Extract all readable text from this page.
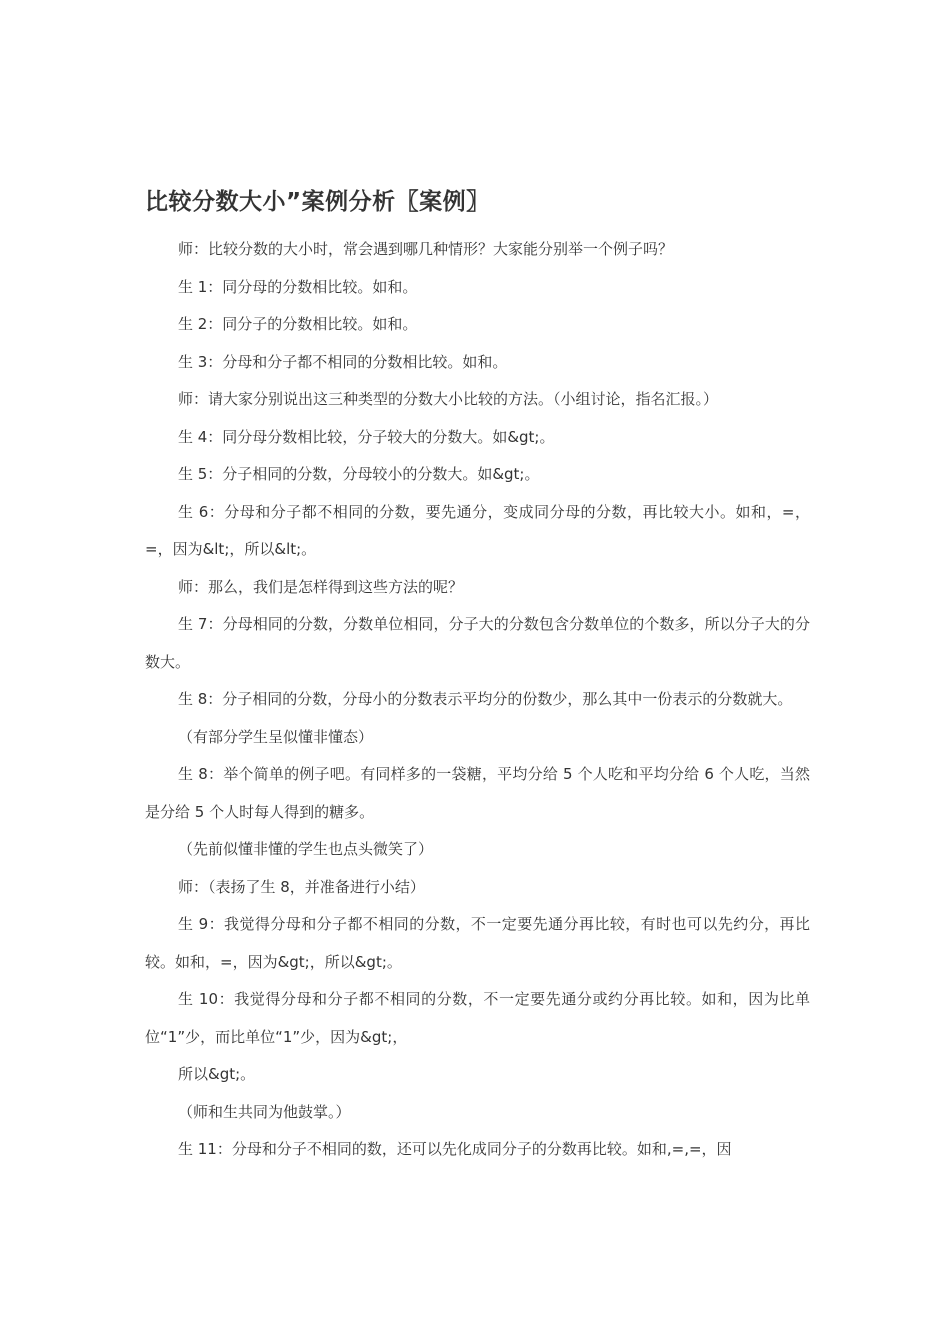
比较分数大小”案例分析〖案例〗

师：比较分数的大小时，常会遇到哪几种情形？大家能分别举一个例子吗？

生 1：同分母的分数相比较。如和。

生 2：同分子的分数相比较。如和。

生 3：分母和分子都不相同的分数相比较。如和。

师：请大家分别说出这三种类型的分数大小比较的方法。（小组讨论，指名汇报。）

生 4：同分母分数相比较，分子较大的分数大。如&gt;。

生 5：分子相同的分数，分母较小的分数大。如&gt;。

生 6：分母和分子都不相同的分数，要先通分，变成同分母的分数，再比较大小。如和，=，=，因为&lt;，所以&lt;。

师：那么，我们是怎样得到这些方法的呢？

生 7：分母相同的分数，分数单位相同，分子大的分数包含分数单位的个数多，所以分子大的分数大。

生 8：分子相同的分数，分母小的分数表示平均分的份数少，那么其中一份表示的分数就大。

（有部分学生呈似懂非懂态）

生 8：举个简单的例子吧。有同样多的一袋糖，平均分给 5 个人吃和平均分给 6 个人吃，当然是分给 5 个人时每人得到的糖多。

（先前似懂非懂的学生也点头微笑了）

师：（表扬了生 8，并准备进行小结）

生 9：我觉得分母和分子都不相同的分数，不一定要先通分再比较，有时也可以先约分，再比较。如和，=，因为&gt;，所以&gt;。

生 10：我觉得分母和分子都不相同的分数，不一定要先通分或约分再比较。如和，因为比单位“1”少，而比单位“1”少，因为&gt;，

所以&gt;。

（师和生共同为他鼓掌。）

生 11：分母和分子不相同的数，还可以先化成同分子的分数再比较。如和,=,=，因
